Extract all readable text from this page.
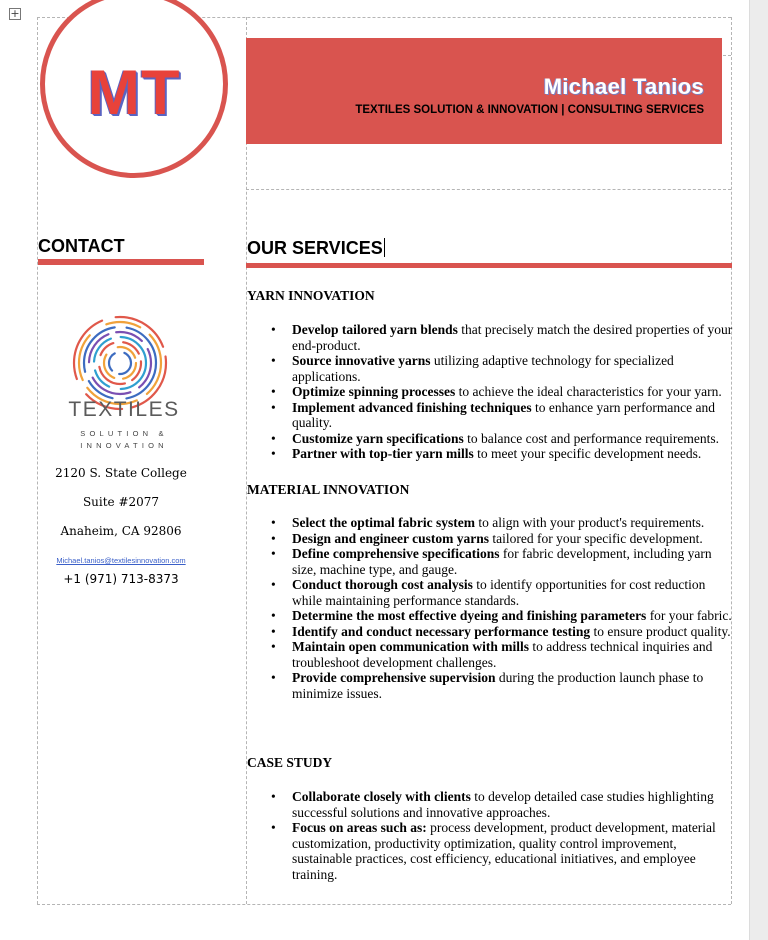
+
Michael Tanios
TEXTILES SOLUTION & INNOVATION | CONSULTING SERVICES
MT
CONTACT
TEXTILES
SOLUTION &
INNOVATION
2120 S. State College
Suite #2077
Anaheim, CA 92806
Michael.tanios@textilesinnovation.com
+1 (971) 713-8373
OUR SERVICES
YARN INNOVATION
• Develop tailored yarn blends that precisely match the desired properties of your end-product.
• Source innovative yarns utilizing adaptive technology for specialized applications.
• Optimize spinning processes to achieve the ideal characteristics for your yarn.
• Implement advanced finishing techniques to enhance yarn performance and quality.
• Customize yarn specifications to balance cost and performance requirements.
• Partner with top-tier yarn mills to meet your specific development needs.
MATERIAL INNOVATION
• Select the optimal fabric system to align with your product's requirements.
• Design and engineer custom yarns tailored for your specific development.
• Define comprehensive specifications for fabric development, including yarn size, machine type, and gauge.
• Conduct thorough cost analysis to identify opportunities for cost reduction while maintaining performance standards.
• Determine the most effective dyeing and finishing parameters for your fabric.
• Identify and conduct necessary performance testing to ensure product quality.
• Maintain open communication with mills to address technical inquiries and troubleshoot development challenges.
• Provide comprehensive supervision during the production launch phase to minimize issues.
CASE STUDY
• Collaborate closely with clients to develop detailed case studies highlighting successful solutions and innovative approaches.
• Focus on areas such as: process development, product development, material customization, productivity optimization, quality control improvement, sustainable practices, cost efficiency, educational initiatives, and employee training.
